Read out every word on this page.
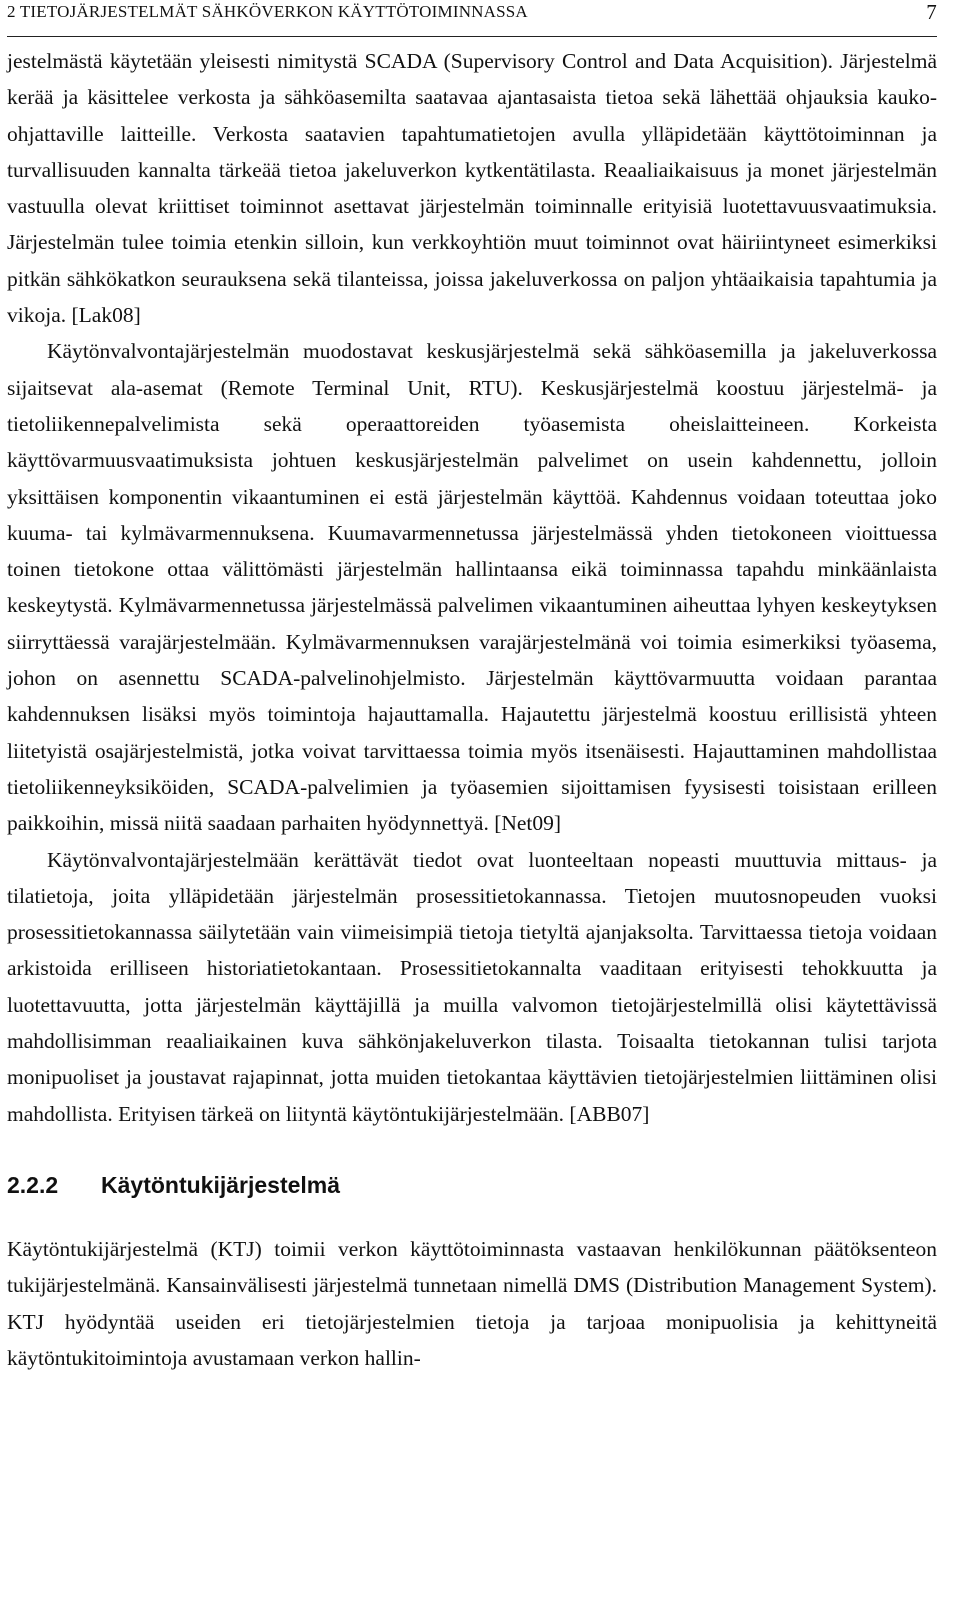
2 TIETOJÄRJESTELMÄT SÄHKÖVERKON KÄYTTÖTOIMINNASSA	7

jestelmästä käytetään yleisesti nimitystä SCADA (Supervisory Control and Data Acquisition). Järjestelmä kerää ja käsittelee verkosta ja sähköasemilta saatavaa ajantasaista tietoa sekä lähettää ohjauksia kauko-ohjattaville laitteille. Verkosta saatavien tapahtumatietojen avulla ylläpidetään käyttötoiminnan ja turvallisuuden kannalta tärkeää tietoa jakeluverkon kytkentätilasta. Reaaliaikaisuus ja monet järjestelmän vastuulla olevat kriittiset toiminnot asettavat järjestelmän toiminnalle erityisiä luotettavuusvaatimuksia. Järjestelmän tulee toimia etenkin silloin, kun verkkoyhtiön muut toiminnot ovat häiriintyneet esimerkiksi pitkän sähkökatkon seurauksena sekä tilanteissa, joissa jakeluverkossa on paljon yhtäaikaisia tapahtumia ja vikoja. [Lak08]

Käytönvalvontajärjestelmän muodostavat keskusjärjestelmä sekä sähköasemilla ja jakeluverkossa sijaitsevat ala-asemat (Remote Terminal Unit, RTU). Keskusjärjestelmä koostuu järjestelmä- ja tietoliikennepalvelimista sekä operaattoreiden työasemista oheislaitteineen. Korkeista käyttövarmuusvaatimuksista johtuen keskusjärjestelmän palvelimet on usein kahdennettu, jolloin yksittäisen komponentin vikaantuminen ei estä järjestelmän käyttöä. Kahdennus voidaan toteuttaa joko kuuma- tai kylmävarmennuksena. Kuumavarmennetussa järjestelmässä yhden tietokoneen vioittuessa toinen tietokone ottaa välittömästi järjestelmän hallintaansa eikä toiminnassa tapahdu minkäänlaista keskeytystä. Kylmävarmennetussa järjestelmässä palvelimen vikaantuminen aiheuttaa lyhyen keskeytyksen siirryttäessä varajärjestelmään. Kylmävarmennuksen varajärjestelmänä voi toimia esimerkiksi työasema, johon on asennettu SCADA-palvelinohjelmisto. Järjestelmän käyttövarmuutta voidaan parantaa kahdennuksen lisäksi myös toimintoja hajauttamalla. Hajautettu järjestelmä koostuu erillisistä yhteen liitetyistä osajärjestelmistä, jotka voivat tarvittaessa toimia myös itsenäisesti. Hajauttaminen mahdollistaa tietoliikenneyksiköiden, SCADA-palvelimien ja työasemien sijoittamisen fyysisesti toisistaan erilleen paikkoihin, missä niitä saadaan parhaiten hyödynnettyä. [Net09]

Käytönvalvontajärjestelmään kerättävät tiedot ovat luonteeltaan nopeasti muuttuvia mittaus- ja tilatietoja, joita ylläpidetään järjestelmän prosessitietokannassa. Tietojen muutosnopeuden vuoksi prosessitietokannassa säilytetään vain viimeisimpiä tietoja tietyltä ajanjaksolta. Tarvittaessa tietoja voidaan arkistoida erilliseen historiatietokantaan. Prosessitietokannalta vaaditaan erityisesti tehokkuutta ja luotettavuutta, jotta järjestelmän käyttäjillä ja muilla valvomon tietojärjestelmillä olisi käytettävissä mahdollisimman reaaliaikainen kuva sähkönjakeluverkon tilasta. Toisaalta tietokannan tulisi tarjota monipuoliset ja joustavat rajapinnat, jotta muiden tietokantaa käyttävien tietojärjestelmien liittäminen olisi mahdollista. Erityisen tärkeä on liityntä käytöntukijärjestelmään. [ABB07]

2.2.2	Käytöntukijärjestelmä

Käytöntukijärjestelmä (KTJ) toimii verkon käyttötoiminnasta vastaavan henkilökunnan päätöksenteon tukijärjestelmänä. Kansainvälisesti järjestelmä tunnetaan nimellä DMS (Distribution Management System). KTJ hyödyntää useiden eri tietojärjestelmien tietoja ja tarjoaa monipuolisia ja kehittyneitä käytöntukitoimintoja avustamaan verkon hallin-
